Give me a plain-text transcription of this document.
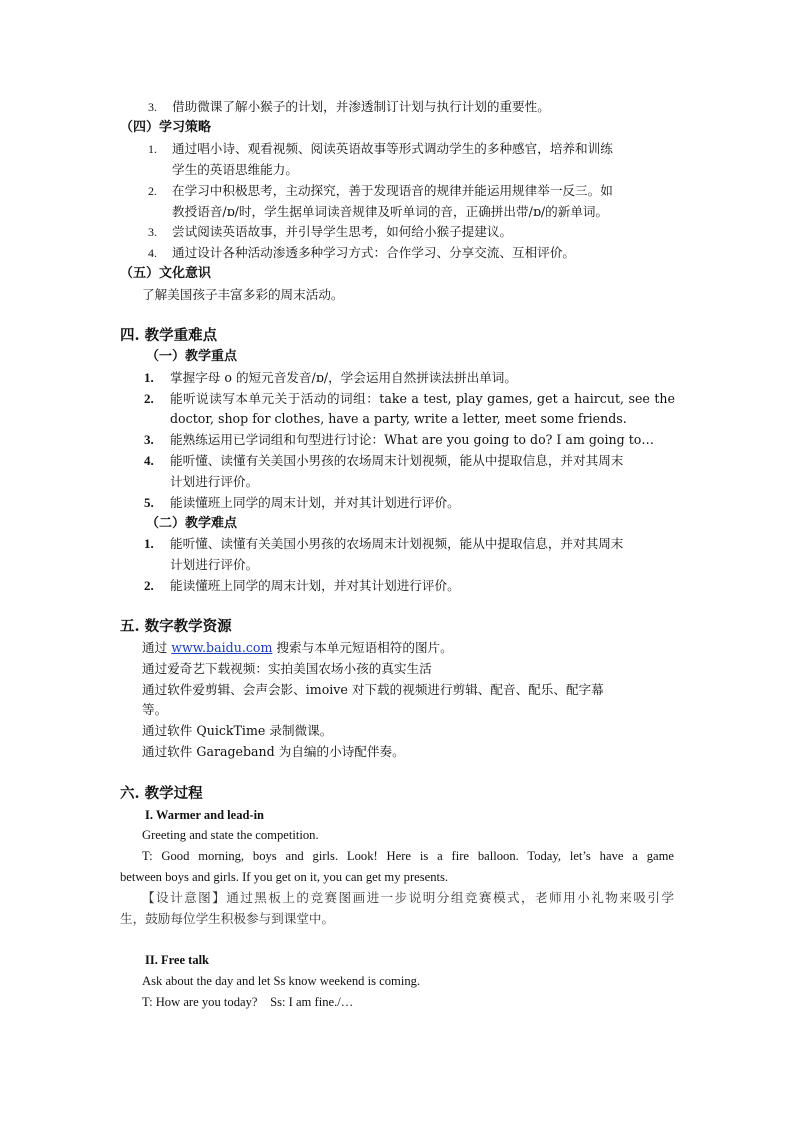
3. 借助微课了解小猴子的计划，并渗透制订计划与执行计划的重要性。
（四）学习策略
1. 通过唱小诗、观看视频、阅读英语故事等形式调动学生的多种感官，培养和训练
学生的英语思维能力。
2. 在学习中积极思考，主动探究，善于发现语音的规律并能运用规律举一反三。如
教授语音/ɒ/时，学生据单词读音规律及听单词的音，正确拼出带/ɒ/的新单词。
3. 尝试阅读英语故事，并引导学生思考，如何给小猴子提建议。
4. 通过设计各种活动渗透多种学习方式：合作学习、分享交流、互相评价。
（五）文化意识
了解美国孩子丰富多彩的周末活动。
四. 教学重难点
（一）教学重点
1. 掌握字母 o 的短元音发音/ɒ/，学会运用自然拼读法拼出单词。
2. 能听说读写本单元关于活动的词组：take a test, play games, get a haircut, see the
doctor, shop for clothes, have a party, write a letter, meet some friends.
3. 能熟练运用已学词组和句型进行讨论：What are you going to do? I am going to…
4. 能听懂、读懂有关美国小男孩的农场周末计划视频，能从中提取信息，并对其周末
计划进行评价。
5. 能读懂班上同学的周末计划，并对其计划进行评价。
（二）教学难点
1. 能听懂、读懂有关美国小男孩的农场周末计划视频，能从中提取信息，并对其周末
计划进行评价。
2. 能读懂班上同学的周末计划，并对其计划进行评价。
五. 数字教学资源
通过 www.baidu.com 搜索与本单元短语相符的图片。
通过爱奇艺下载视频：实拍美国农场小孩的真实生活
通过软件爱剪辑、会声会影、imoive 对下载的视频进行剪辑、配音、配乐、配字幕
等。
通过软件 QuickTime 录制微课。
通过软件 Garageband 为自编的小诗配伴奏。
六. 教学过程
I. Warmer and lead-in
Greeting and state the competition.
T: Good morning, boys and girls. Look! Here is a fire balloon. Today, let’s have a game
between boys and girls. If you get on it, you can get my presents.
【设计意图】通过黑板上的竞赛图画进一步说明分组竞赛模式，老师用小礼物来吸引学
生，鼓励每位学生积极参与到课堂中。
II. Free talk
Ask about the day and let Ss know weekend is coming.
T: How are you today?    Ss: I am fine./…
